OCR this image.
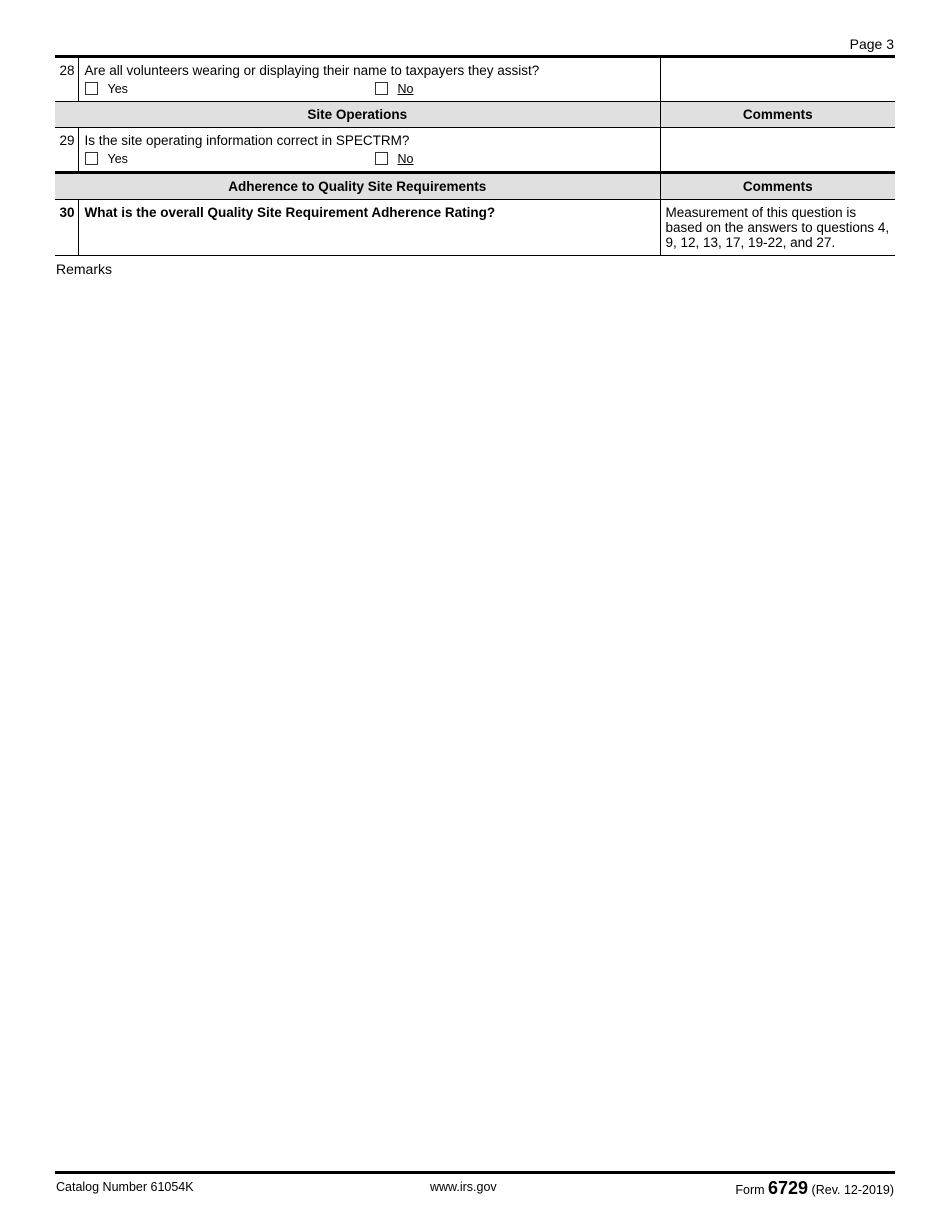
Page 3
28	Are all volunteers wearing or displaying their name to taxpayers they assist?
Yes No	

Site Operations		Comments
29	Is the site operating information correct in SPECTRM?
Yes No	

Adherence to Quality Site Requirements		Comments
30	What is the overall Quality Site Requirement Adherence Rating?	Measurement of this question is based on the answers to questions 4, 9, 12, 13, 17, 19-22, and 27.
Remarks
Catalog Number 61054K	www.irs.gov	Form 6729 (Rev. 12-2019)
